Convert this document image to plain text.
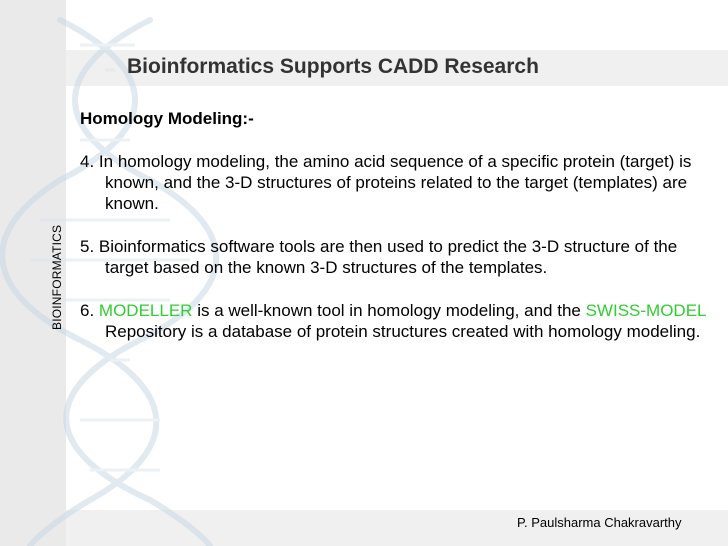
BIOINFORMATICS
Bioinformatics Supports CADD Research
Homology Modeling:-
4. In homology modeling, the amino acid sequence of a specific protein (target) is known, and the 3-D structures of proteins related to the target (templates) are known.
5. Bioinformatics software tools are then used to predict the 3-D structure of the target based on the known 3-D structures of the templates.
6. MODELLER is a well-known tool in homology modeling, and the SWISS-MODEL Repository is a database of protein structures created with homology modeling.
P. Paulsharma Chakravarthy
